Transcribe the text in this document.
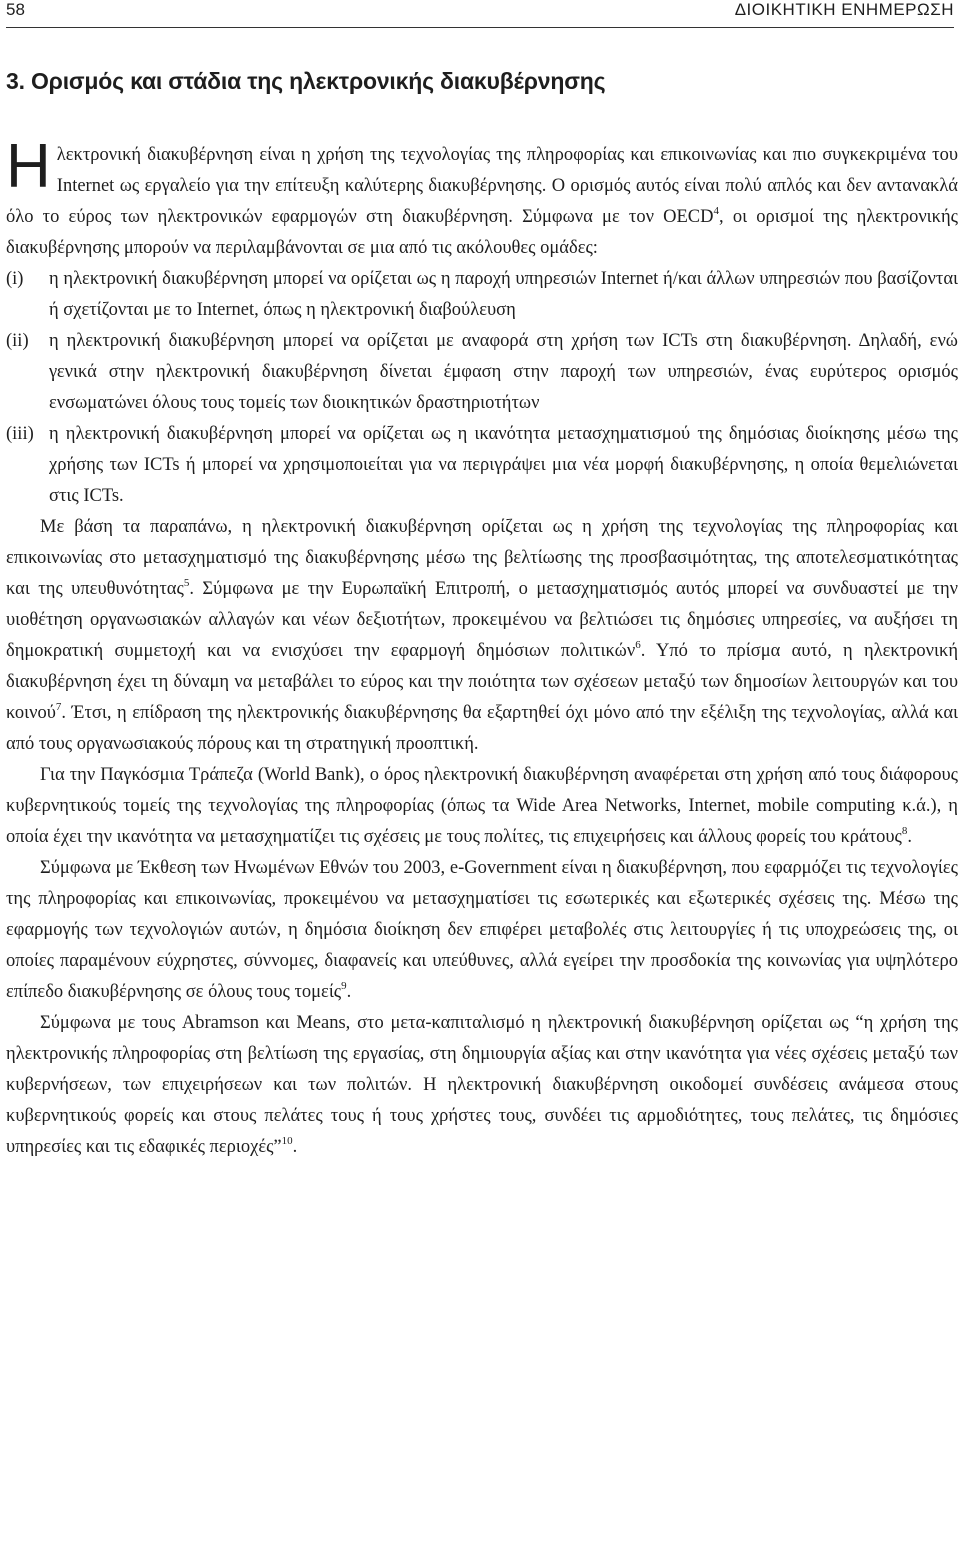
58	ΔΙΟΙΚΗΤΙΚΗ ΕΝΗΜΕΡΩΣΗ
3. Ορισμός και στάδια της ηλεκτρονικής διακυβέρνησης

Ηλεκτρονική διακυβέρνηση είναι η χρήση της τεχνολογίας της πληροφορίας και επικοινωνίας και πιο συγκεκριμένα του Internet ως εργαλείο για την επίτευξη καλύτερης διακυβέρνησης. Ο ορισμός αυτός είναι πολύ απλός και δεν αντανακλά όλο το εύρος των ηλεκτρονικών εφαρμογών στη διακυβέρνηση. Σύμφωνα με τον OECD$^4$, οι ορισμοί της ηλεκτρονικής διακυβέρνησης μπορούν να περιλαμβάνονται σε μια από τις ακόλουθες ομάδες:

(i) η ηλεκτρονική διακυβέρνηση μπορεί να ορίζεται ως η παροχή υπηρεσιών Internet ή/και άλλων υπηρεσιών που βασίζονται ή σχετίζονται με το Internet, όπως η ηλεκτρονική διαβούλευση
(ii) η ηλεκτρονική διακυβέρνηση μπορεί να ορίζεται με αναφορά στη χρήση των ICTs στη διακυβέρνηση. Δηλαδή, ενώ γενικά στην ηλεκτρονική διακυβέρνηση δίνεται έμφαση στην παροχή των υπηρεσιών, ένας ευρύτερος ορισμός ενσωματώνει όλους τους τομείς των διοικητικών δραστηριοτήτων
(iii) η ηλεκτρονική διακυβέρνηση μπορεί να ορίζεται ως η ικανότητα μετασχηματισμού της δημόσιας διοίκησης μέσω της χρήσης των ICTs ή μπορεί να χρησιμοποιείται για να περιγράψει μια νέα μορφή διακυβέρνησης, η οποία θεμελιώνεται στις ICTs.

Με βάση τα παραπάνω, η ηλεκτρονική διακυβέρνηση ορίζεται ως η χρήση της τεχνολογίας της πληροφορίας και επικοινωνίας στο μετασχηματισμό της διακυβέρνησης μέσω της βελτίωσης της προσβασιμότητας, της αποτελεσματικότητας και της υπευθυνότητας$^5$. Σύμφωνα με την Ευρωπαϊκή Επιτροπή, ο μετασχηματισμός αυτός μπορεί να συνδυαστεί με την υιοθέτηση οργανωσιακών αλλαγών και νέων δεξιοτήτων, προκειμένου να βελτιώσει τις δημόσιες υπηρεσίες, να αυξήσει τη δημοκρατική συμμετοχή και να ενισχύσει την εφαρμογή δημόσιων πολιτικών$^6$. Υπό το πρίσμα αυτό, η ηλεκτρονική διακυβέρνηση έχει τη δύναμη να μεταβάλει το εύρος και την ποιότητα των σχέσεων μεταξύ των δημοσίων λειτουργών και του κοινού$^7$. Έτσι, η επίδραση της ηλεκτρονικής διακυβέρνησης θα εξαρτηθεί όχι μόνο από την εξέλιξη της τεχνολογίας, αλλά και από τους οργανωσιακούς πόρους και τη στρατηγική προοπτική.

Για την Παγκόσμια Τράπεζα (World Bank), ο όρος ηλεκτρονική διακυβέρνηση αναφέρεται στη χρήση από τους διάφορους κυβερνητικούς τομείς της τεχνολογίας της πληροφορίας (όπως τα Wide Area Networks, Internet, mobile computing κ.ά.), η οποία έχει την ικανότητα να μετασχηματίζει τις σχέσεις με τους πολίτες, τις επιχειρήσεις και άλλους φορείς του κράτους$^8$.

Σύμφωνα με Έκθεση των Ηνωμένων Εθνών του 2003, e-Government είναι η διακυβέρνηση, που εφαρμόζει τις τεχνολογίες της πληροφορίας και επικοινωνίας, προκειμένου να μετασχηματίσει τις εσωτερικές και εξωτερικές σχέσεις της. Μέσω της εφαρμογής των τεχνολογιών αυτών, η δημόσια διοίκηση δεν επιφέρει μεταβολές στις λειτουργίες ή τις υποχρεώσεις της, οι οποίες παραμένουν εύχρηστες, σύννομες, διαφανείς και υπεύθυνες, αλλά εγείρει την προσδοκία της κοινωνίας για υψηλότερο επίπεδο διακυβέρνησης σε όλους τους τομείς$^9$.

Σύμφωνα με τους Abramson και Means, στο μετα-καπιταλισμό η ηλεκτρονική διακυβέρνηση ορίζεται ως “η χρήση της ηλεκτρονικής πληροφορίας στη βελτίωση της εργασίας, στη δημιουργία αξίας και στην ικανότητα για νέες σχέσεις μεταξύ των κυβερνήσεων, των επιχειρήσεων και των πολιτών. Η ηλεκτρονική διακυβέρνηση οικοδομεί συνδέσεις ανάμεσα στους κυβερνητικούς φορείς και στους πελάτες τους ή τους χρήστες τους, συνδέει τις αρμοδιότητες, τους πελάτες, τις δημόσιες υπηρεσίες και τις εδαφικές περιοχές”$^{10}$.
